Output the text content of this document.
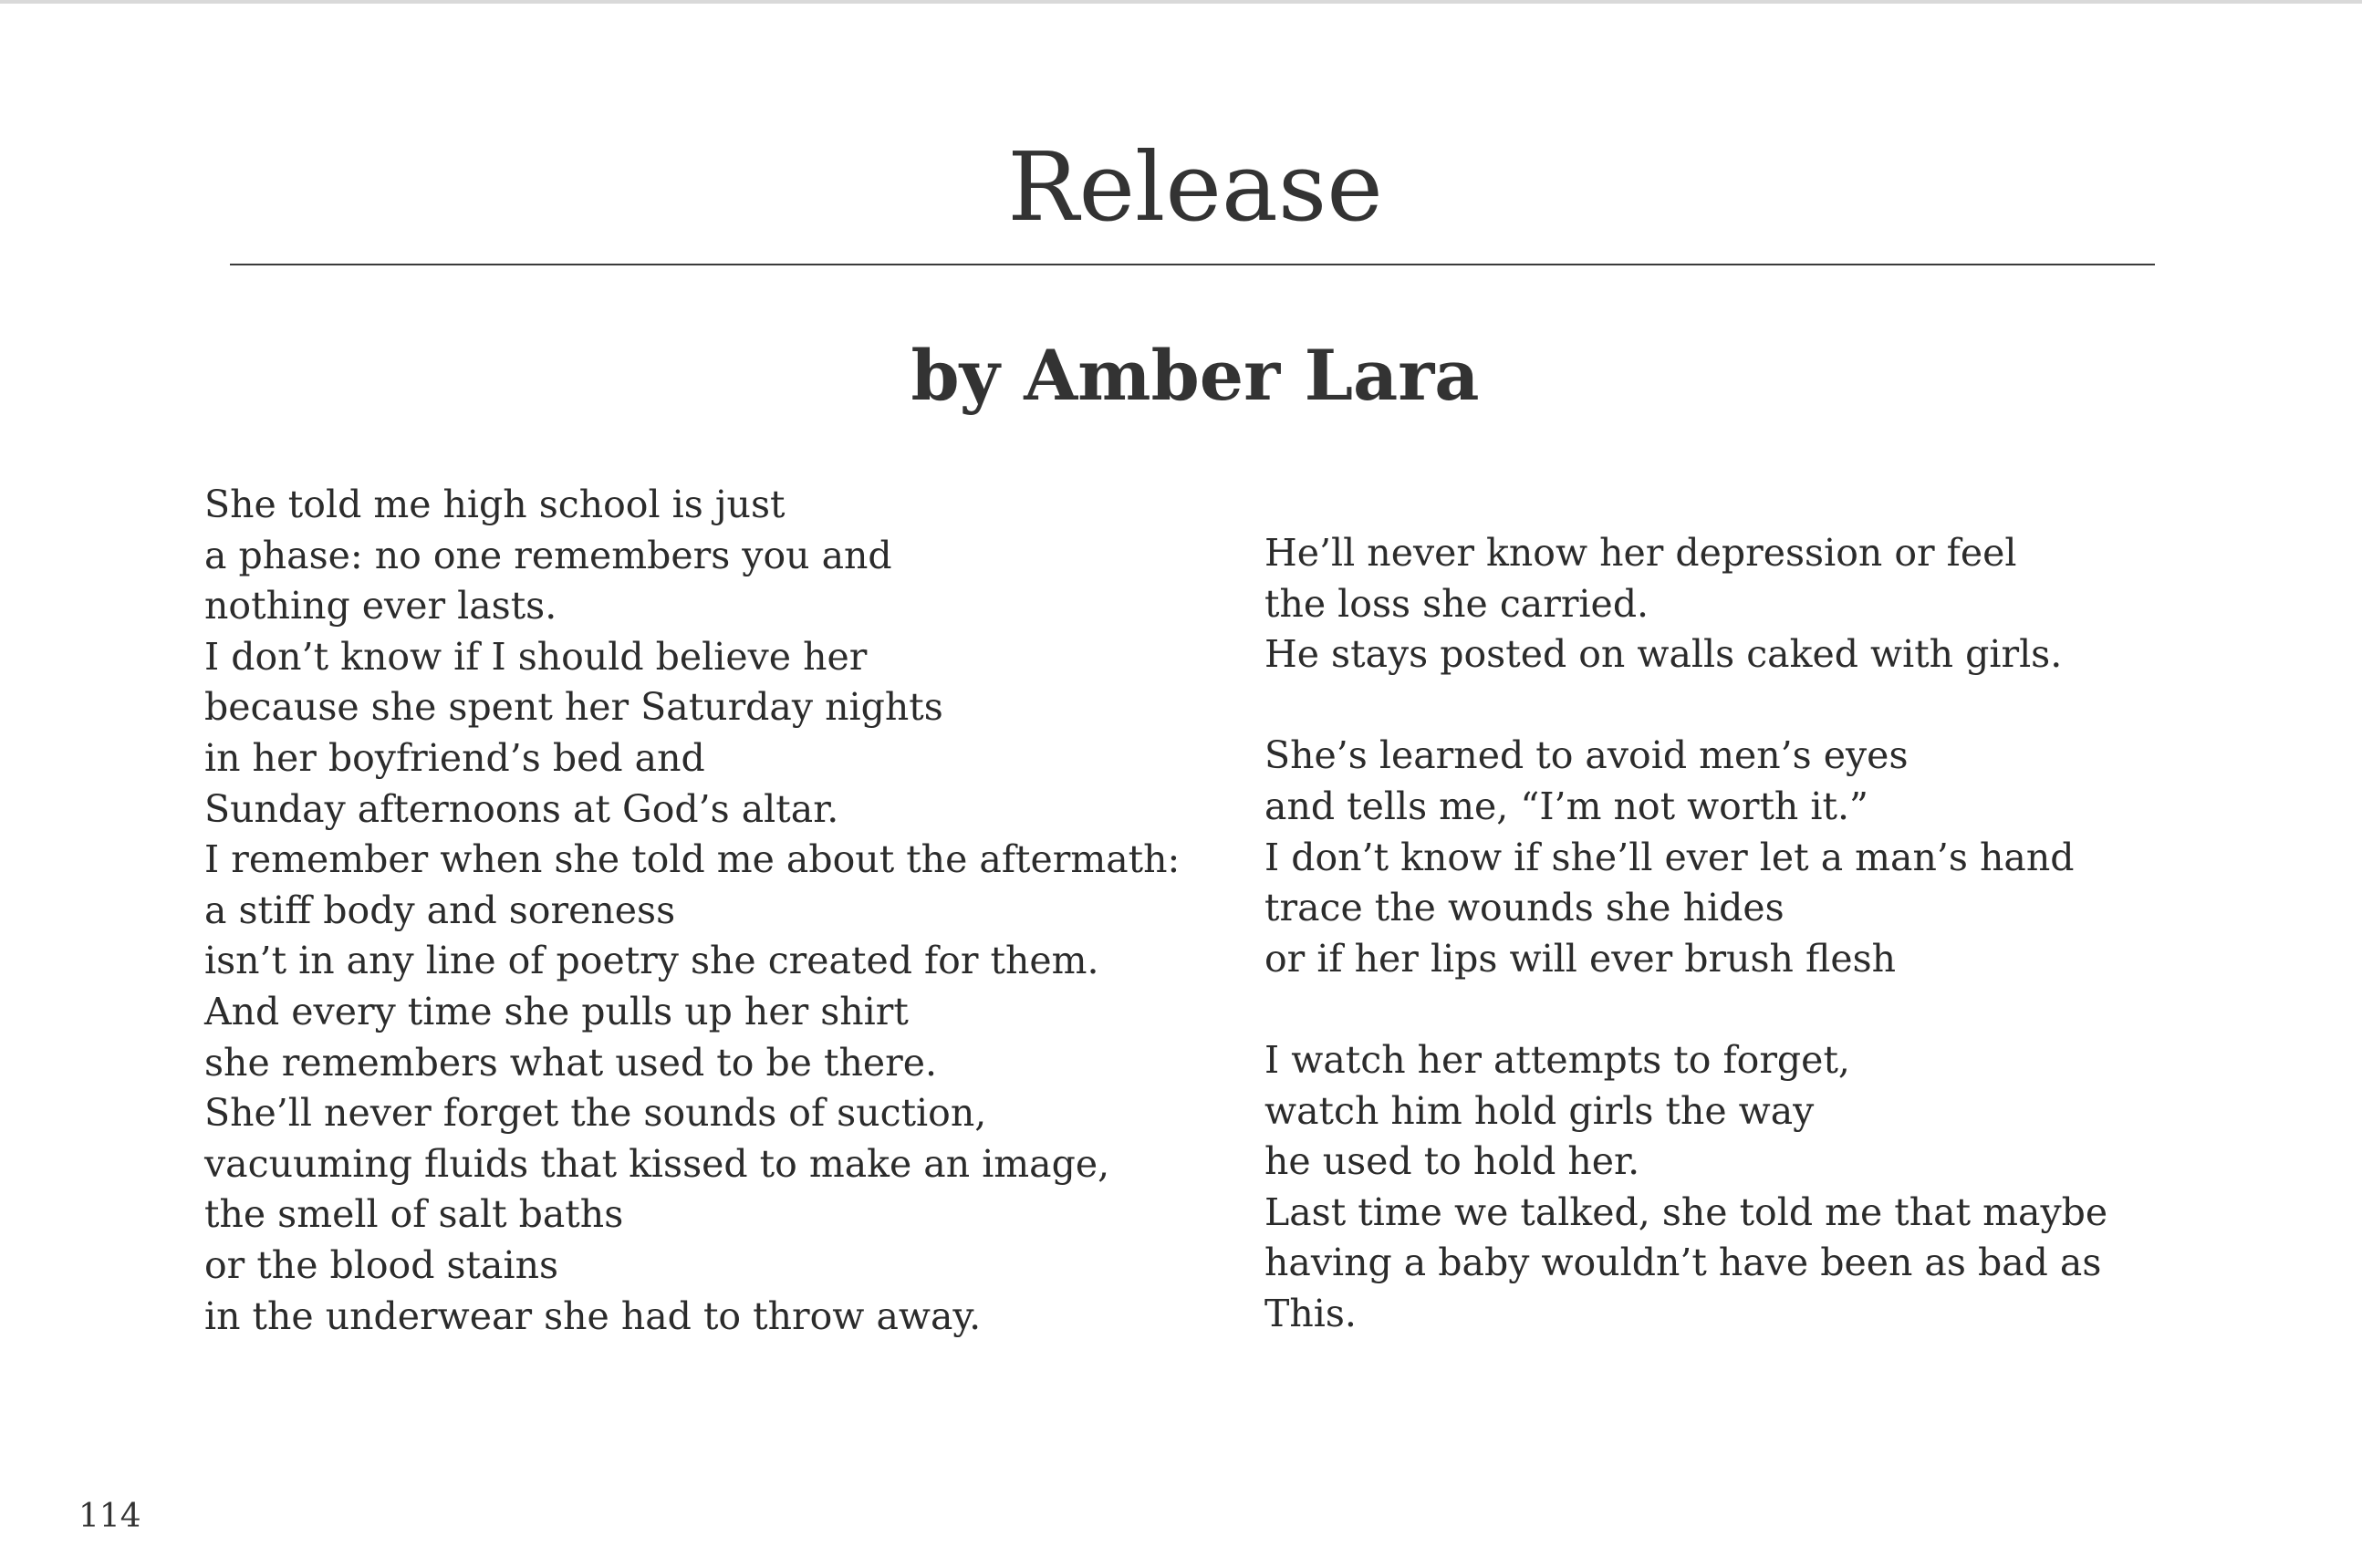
Release
by Amber Lara
She told me high school is just
a phase: no one remembers you and
nothing ever lasts.
I don’t know if I should believe her
because she spent her Saturday nights
in her boyfriend’s bed and
Sunday afternoons at God’s altar.
I remember when she told me about the aftermath:
a stiff body and soreness
isn’t in any line of poetry she created for them.
And every time she pulls up her shirt
she remembers what used to be there.
She’ll never forget the sounds of suction,
vacuuming fluids that kissed to make an image,
the smell of salt baths
or the blood stains
in the underwear she had to throw away.
He’ll never know her depression or feel
the loss she carried.
He stays posted on walls caked with girls.
She’s learned to avoid men’s eyes
and tells me, “I’m not worth it.”
I don’t know if she’ll ever let a man’s hand
trace the wounds she hides
or if her lips will ever brush flesh
I watch her attempts to forget,
watch him hold girls the way
he used to hold her.
Last time we talked, she told me that maybe
having a baby wouldn’t have been as bad as
This.
114
